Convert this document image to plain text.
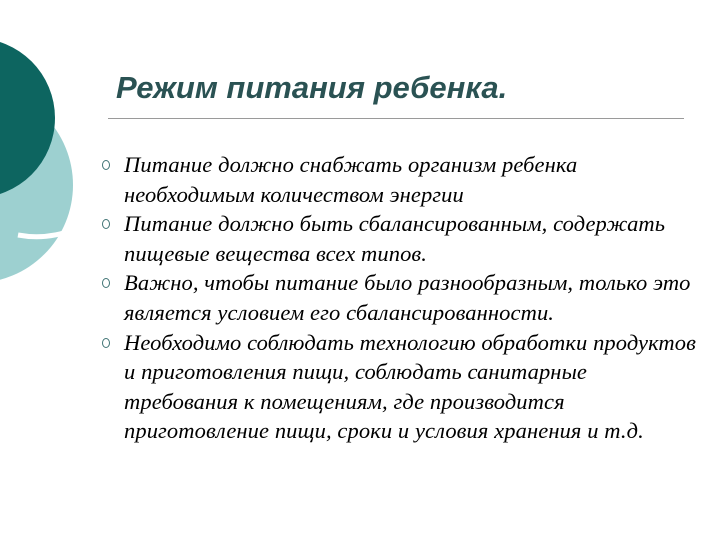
Режим питания ребенка.
Питание должно снабжать организм ребенка необходимым количеством энергии
Питание должно быть сбалансированным, содержать пищевые вещества всех типов.
Важно, чтобы питание было разнообразным, только это является условием его сбалансированности.
Необходимо соблюдать технологию обработки продуктов и приготовления пищи, соблюдать санитарные требования к помещениям, где производится приготовление пищи, сроки и условия хранения и т.д.
